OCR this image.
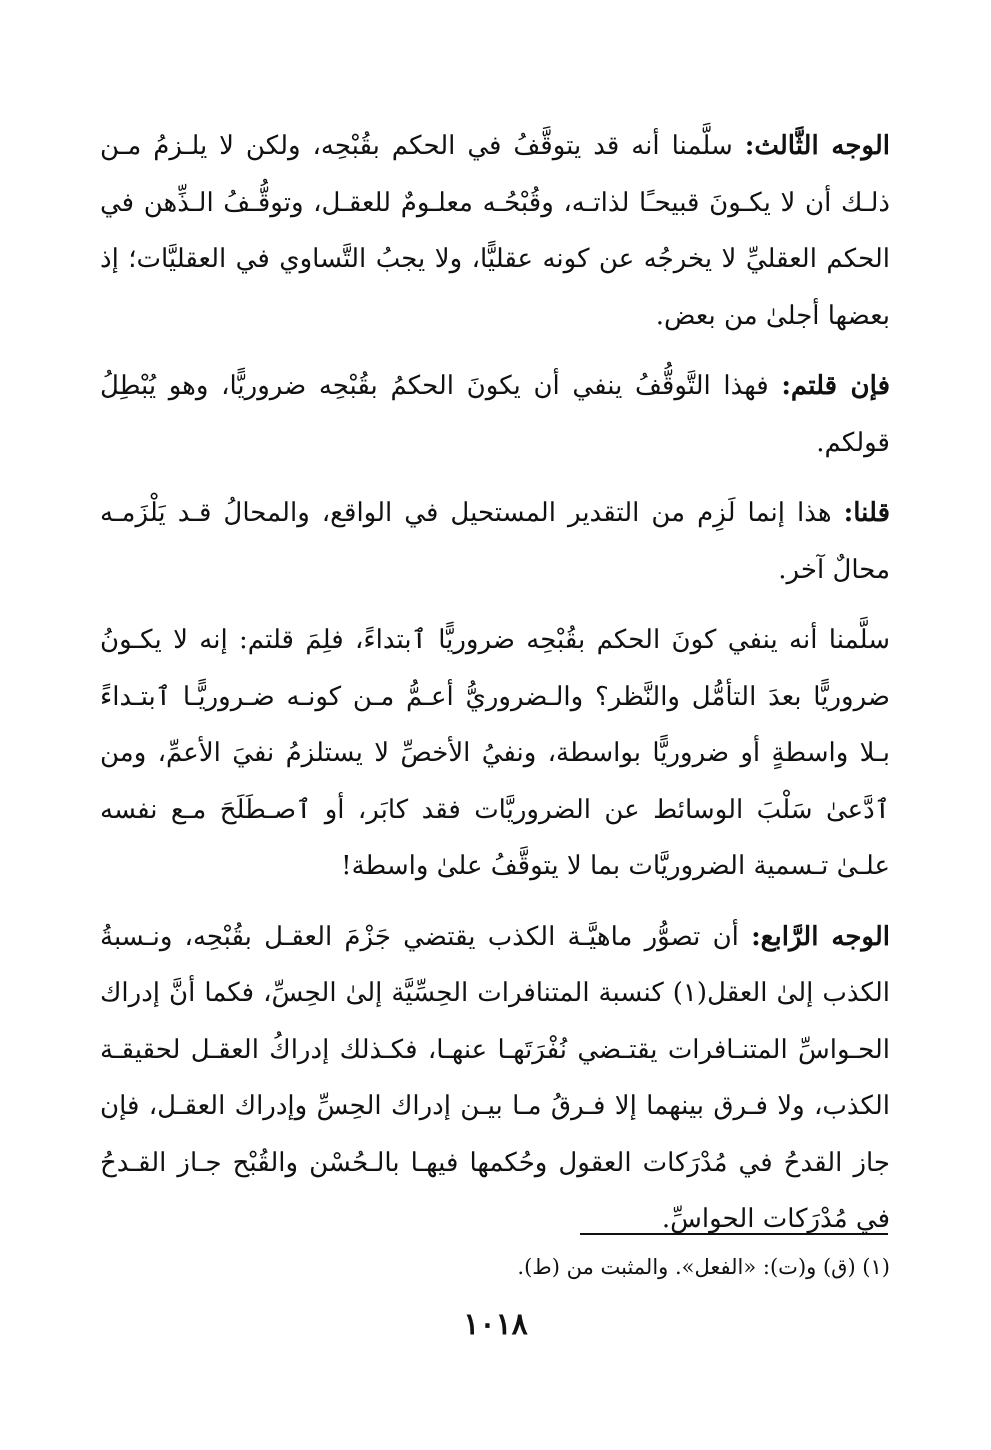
الوجه الثَّالث: سلَّمنا أنه قد يتوقَّفُ في الحكم بقُبْحِه، ولكن لا يلـزمُ مـن ذلـك أن لا يكـونَ قبيحـًا لذاتـه، وقُبْحُـه معلـومٌ للعقـل، وتوقُّـفُ الـذِّهن في الحكم العقليِّ لا يخرجُه عن كونه عقليًّا، ولا يجبُ التَّساوي في العقليَّات؛ إذ بعضها أجلىٰ من بعض.

فإن قلتم: فهذا التَّوقُّفُ ينفي أن يكونَ الحكمُ بقُبْحِه ضروريًّا، وهو يُبْطِلُ قولكم.

قلنا: هذا إنما لَزِم من التقدير المستحيل في الواقع، والمحالُ قـد يَلْزَمـه محالٌ آخر.

سلَّمنا أنه ينفي كونَ الحكم بقُبْحِه ضروريًّا ٱبتداءً، فلِمَ قلتم: إنه لا يكـونُ ضروريًّا بعدَ التأمُّل والنَّظر؟ والـضروريُّ أعـمُّ مـن كونـه ضـروريًّـا ٱبتـداءً بـلا واسطةٍ أو ضروريًّا بواسطة، ونفيُ الأخصِّ لا يستلزمُ نفيَ الأعمِّ، ومن ٱدَّعىٰ سَلْبَ الوسائط عن الضروريَّات فقد كابَر، أو ٱصـطَلَحَ مـع نفسه علـىٰ تـسمية الضروريَّات بما لا يتوقَّفُ علىٰ واسطة!

الوجه الرَّابع: أن تصوُّر ماهيَّـة الكذب يقتضي جَزْمَ العقـل بقُبْحِه، ونـسبةُ الكذب إلىٰ العقل(١) كنسبة المتنافرات الحِسِّيَّة إلىٰ الحِسِّ، فكما أنَّ إدراك الحـواسِّ المتنـافرات يقتـضي نُفْرَتَهـا عنهـا، فكـذلك إدراكُ العقـل لحقيقـة الكذب، ولا فـرق بينهما إلا فـرقُ مـا بيـن إدراك الحِسِّ وإدراك العقـل، فإن جاز القدحُ في مُدْرَكات العقول وحُكمها فيهـا بالـحُسْن والقُبْح جـاز القـدحُ في مُدْرَكات الحواسِّ.

(١) (ق) و(ت): «الفعل». والمثبت من (ط).
١٠١٨
